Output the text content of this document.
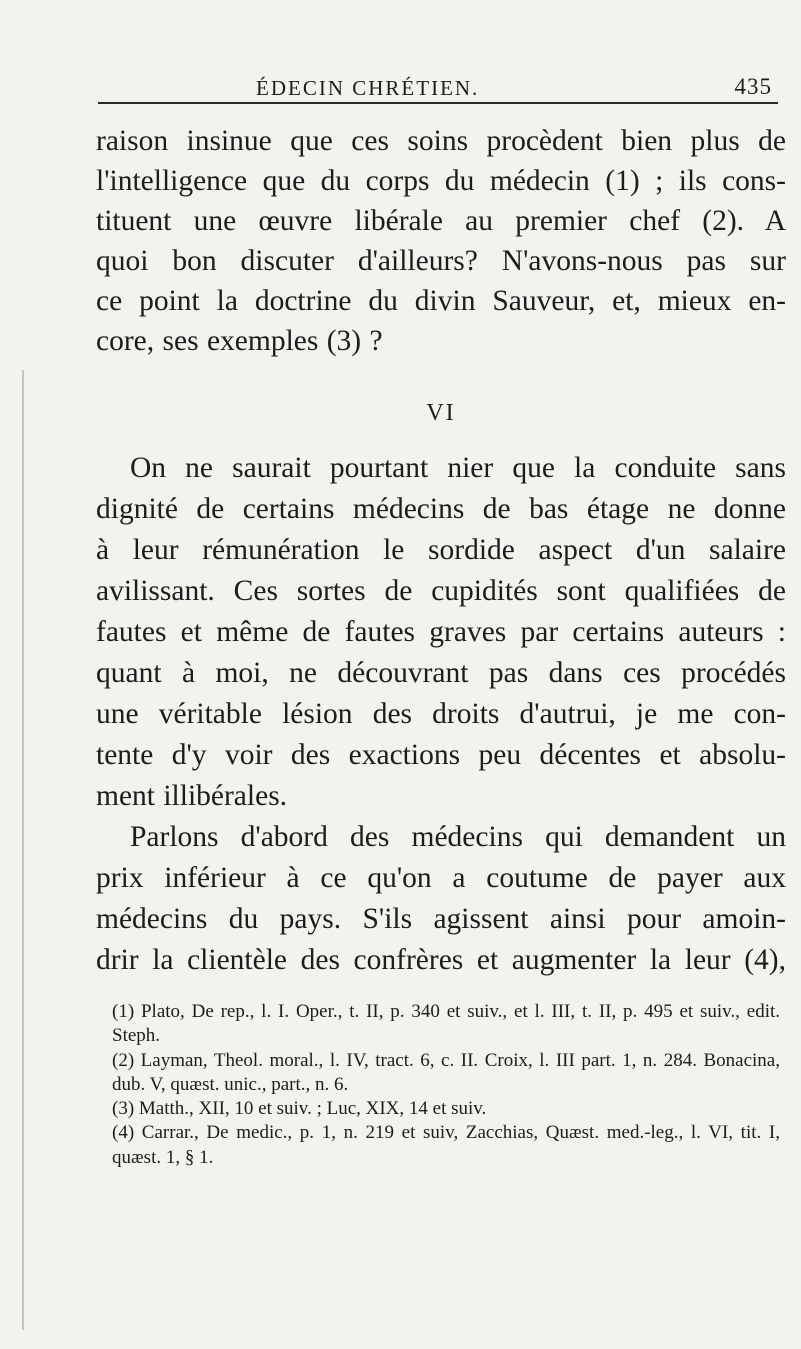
ÉDECIN CHRÉTIEN.	435

raison insinue que ces soins procèdent bien plus de

l'intelligence que du corps du médecin (1) ; ils cons-

tituent une œuvre libérale au premier chef (2). A

quoi bon discuter d'ailleurs? N'avons-nous pas sur

ce point la doctrine du divin Sauveur, et, mieux en-

core, ses exemples (3) ?

VI

On ne saurait pourtant nier que la conduite sans

dignité de certains médecins de bas étage ne donne

à leur rémunération le sordide aspect d'un salaire

avilissant. Ces sortes de cupidités sont qualifiées de

fautes et même de fautes graves par certains auteurs :

quant à moi, ne découvrant pas dans ces procédés

une véritable lésion des droits d'autrui, je me con-

tente d'y voir des exactions peu décentes et absolu-

ment illibérales.

Parlons d'abord des médecins qui demandent un

prix inférieur à ce qu'on a coutume de payer aux

médecins du pays. S'ils agissent ainsi pour amoin-

drir la clientèle des confrères et augmenter la leur (4),

(1) Plato, De rep., l. I. Oper., t. II, p. 340 et suiv., et l. III, t. II, p. 495 et suiv., edit. Steph.
(2) Layman, Theol. moral., l. IV, tract. 6, c. II. Croix, l. III part. 1, n. 284. Bonacina, dub. V, quæst. unic., part., n. 6.
(3) Matth., XII, 10 et suiv. ; Luc, XIX, 14 et suiv.
(4) Carrar., De medic., p. 1, n. 219 et suiv, Zacchias, Quæst. med.-leg., l. VI, tit. I, quæst. 1, § 1.
